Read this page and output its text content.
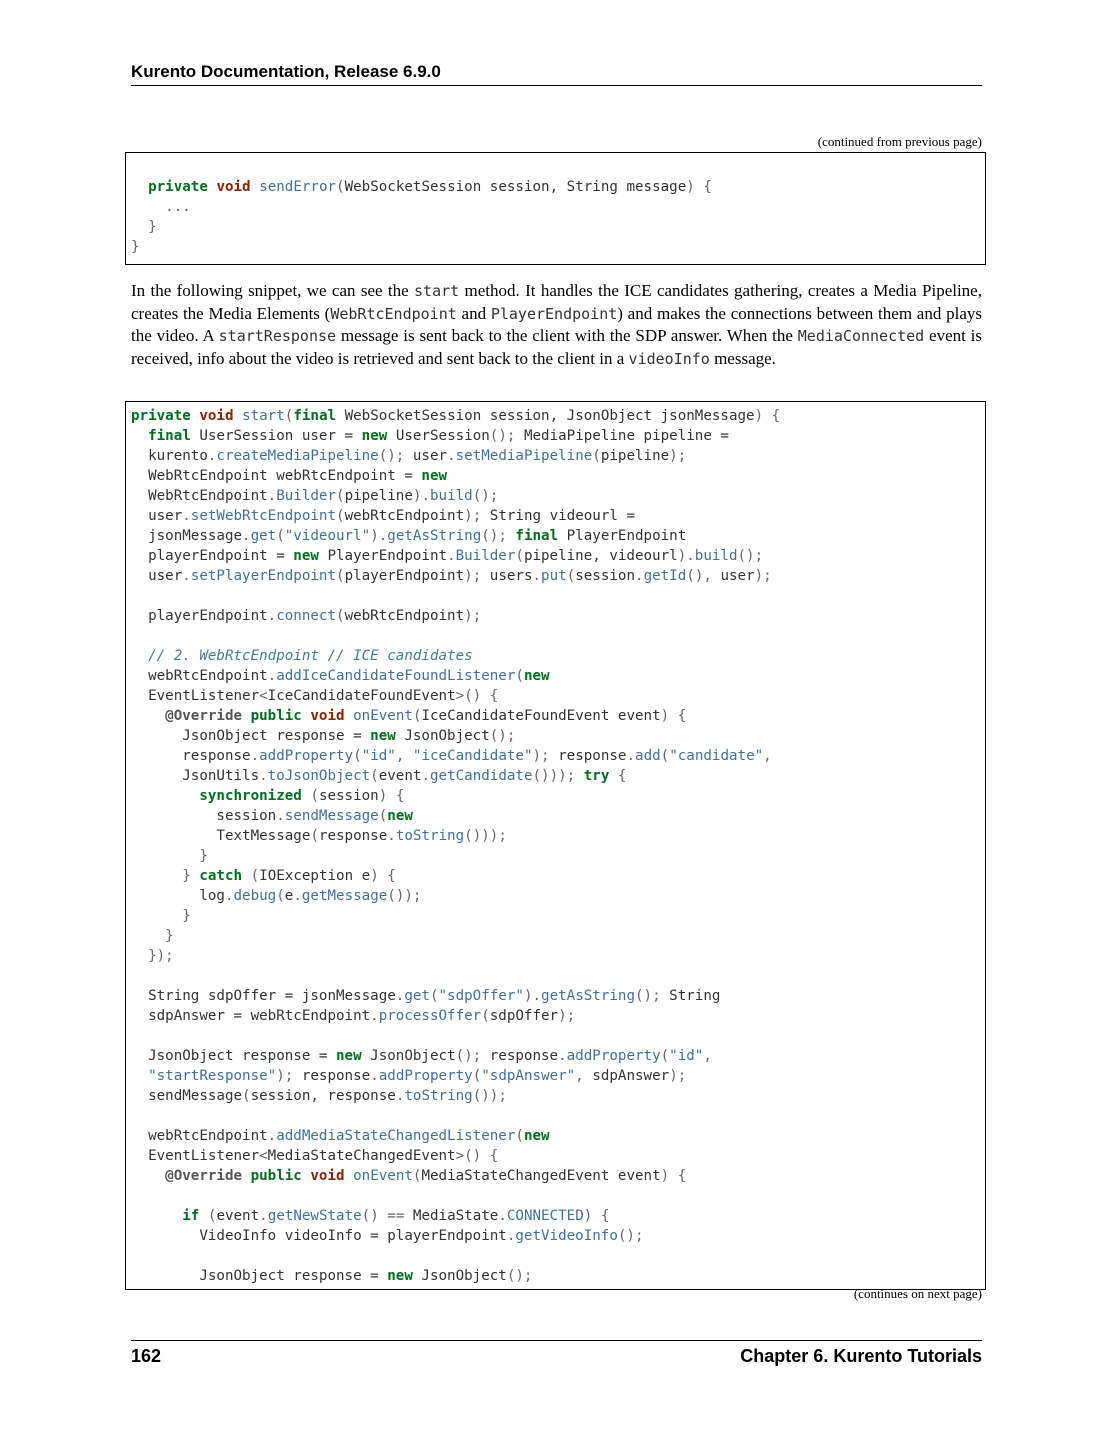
Kurento Documentation, Release 6.9.0
(continued from previous page)
private void sendError(WebSocketSession session, String message) {
...
}
}

In the following snippet, we can see the start method. It handles the ICE candidates gathering, creates a Media Pipeline, creates the Media Elements (WebRtcEndpoint and PlayerEndpoint) and makes the connections between them and plays the video. A startResponse message is sent back to the client with the SDP answer. When the MediaConnected event is received, info about the video is retrieved and sent back to the client in a videoInfo message.

private void start(final WebSocketSession session, JsonObject jsonMessage) {
final UserSession user = new UserSession(); MediaPipeline pipeline =
kurento.createMediaPipeline(); user.setMediaPipeline(pipeline);
WebRtcEndpoint webRtcEndpoint = new
WebRtcEndpoint.Builder(pipeline).build();
user.setWebRtcEndpoint(webRtcEndpoint); String videourl =
jsonMessage.get("videourl").getAsString(); final PlayerEndpoint
playerEndpoint = new PlayerEndpoint.Builder(pipeline, videourl).build();
user.setPlayerEndpoint(playerEndpoint); users.put(session.getId(), user);

playerEndpoint.connect(webRtcEndpoint);

// 2. WebRtcEndpoint // ICE candidates
webRtcEndpoint.addIceCandidateFoundListener(new
EventListener<IceCandidateFoundEvent>() {
@Override public void onEvent(IceCandidateFoundEvent event) {
JsonObject response = new JsonObject();
response.addProperty("id", "iceCandidate"); response.add("candidate",
JsonUtils.toJsonObject(event.getCandidate())); try {
synchronized (session) {
session.sendMessage(new
TextMessage(response.toString()));
}
} catch (IOException e) {
log.debug(e.getMessage());
}
}
});

String sdpOffer = jsonMessage.get("sdpOffer").getAsString(); String
sdpAnswer = webRtcEndpoint.processOffer(sdpOffer);

JsonObject response = new JsonObject(); response.addProperty("id",
"startResponse"); response.addProperty("sdpAnswer", sdpAnswer);
sendMessage(session, response.toString());

webRtcEndpoint.addMediaStateChangedListener(new
EventListener<MediaStateChangedEvent>() {
@Override public void onEvent(MediaStateChangedEvent event) {

if (event.getNewState() == MediaState.CONNECTED) {
VideoInfo videoInfo = playerEndpoint.getVideoInfo();

JsonObject response = new JsonObject();
(continues on next page)
162	Chapter 6. Kurento Tutorials
